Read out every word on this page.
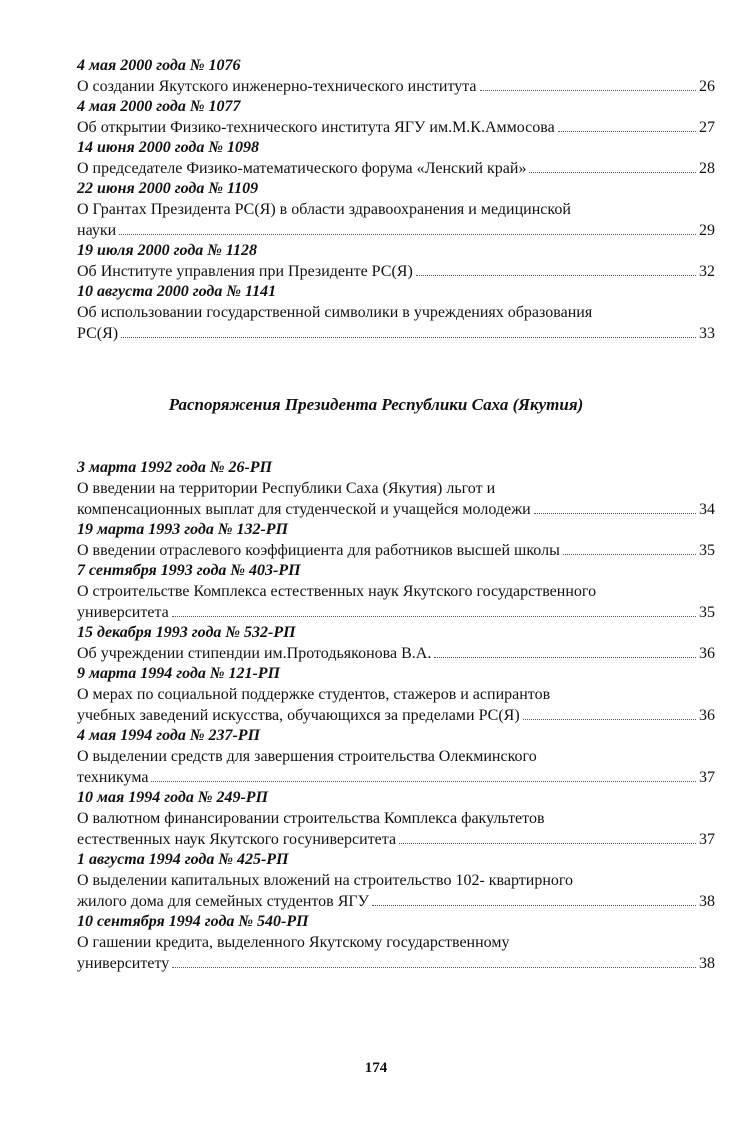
4 мая 2000 года № 1076
О создании Якутского инженерно-технического института	26
4 мая 2000 года № 1077
Об открытии Физико-технического института ЯГУ им.М.К.Аммосова	27
14 июня 2000 года № 1098
О председателе Физико-математического форума «Ленский край»	28
22 июня 2000 года № 1109
О Грантах Президента РС(Я) в области здравоохранения и медицинской
науки	29
19 июля 2000 года № 1128
Об Институте управления при Президенте РС(Я)	32
10 августа 2000 года № 1141
Об использовании государственной символики в учреждениях образования
РС(Я)	33
Распоряжения Президента Республики Саха (Якутия)
3 марта 1992 года № 26-РП
О введении на территории Республики Саха (Якутия) льгот и
компенсационных выплат для студенческой и учащейся молодежи	34
19 марта 1993 года № 132-РП
О введении отраслевого коэффициента для работников высшей школы	35
7 сентября 1993 года № 403-РП
О строительстве Комплекса естественных наук Якутского государственного
университета	35
15 декабря 1993 года № 532-РП
Об учреждении стипендии им.Протодьяконова В.А.	36
9 марта 1994 года № 121-РП
О мерах по социальной поддержке студентов, стажеров и аспирантов
учебных заведений искусства, обучающихся за пределами РС(Я)	36
4 мая 1994 года № 237-РП
О выделении средств для завершения строительства Олекминского
техникума	37
10 мая 1994 года № 249-РП
О валютном финансировании строительства Комплекса факультетов
естественных наук Якутского госуниверситета	37
1 августа 1994 года № 425-РП
О выделении капитальных вложений на строительство 102- квартирного
жилого дома для семейных студентов ЯГУ	38
10 сентября 1994 года № 540-РП
О гашении кредита, выделенного Якутскому государственному
университету	38
174
